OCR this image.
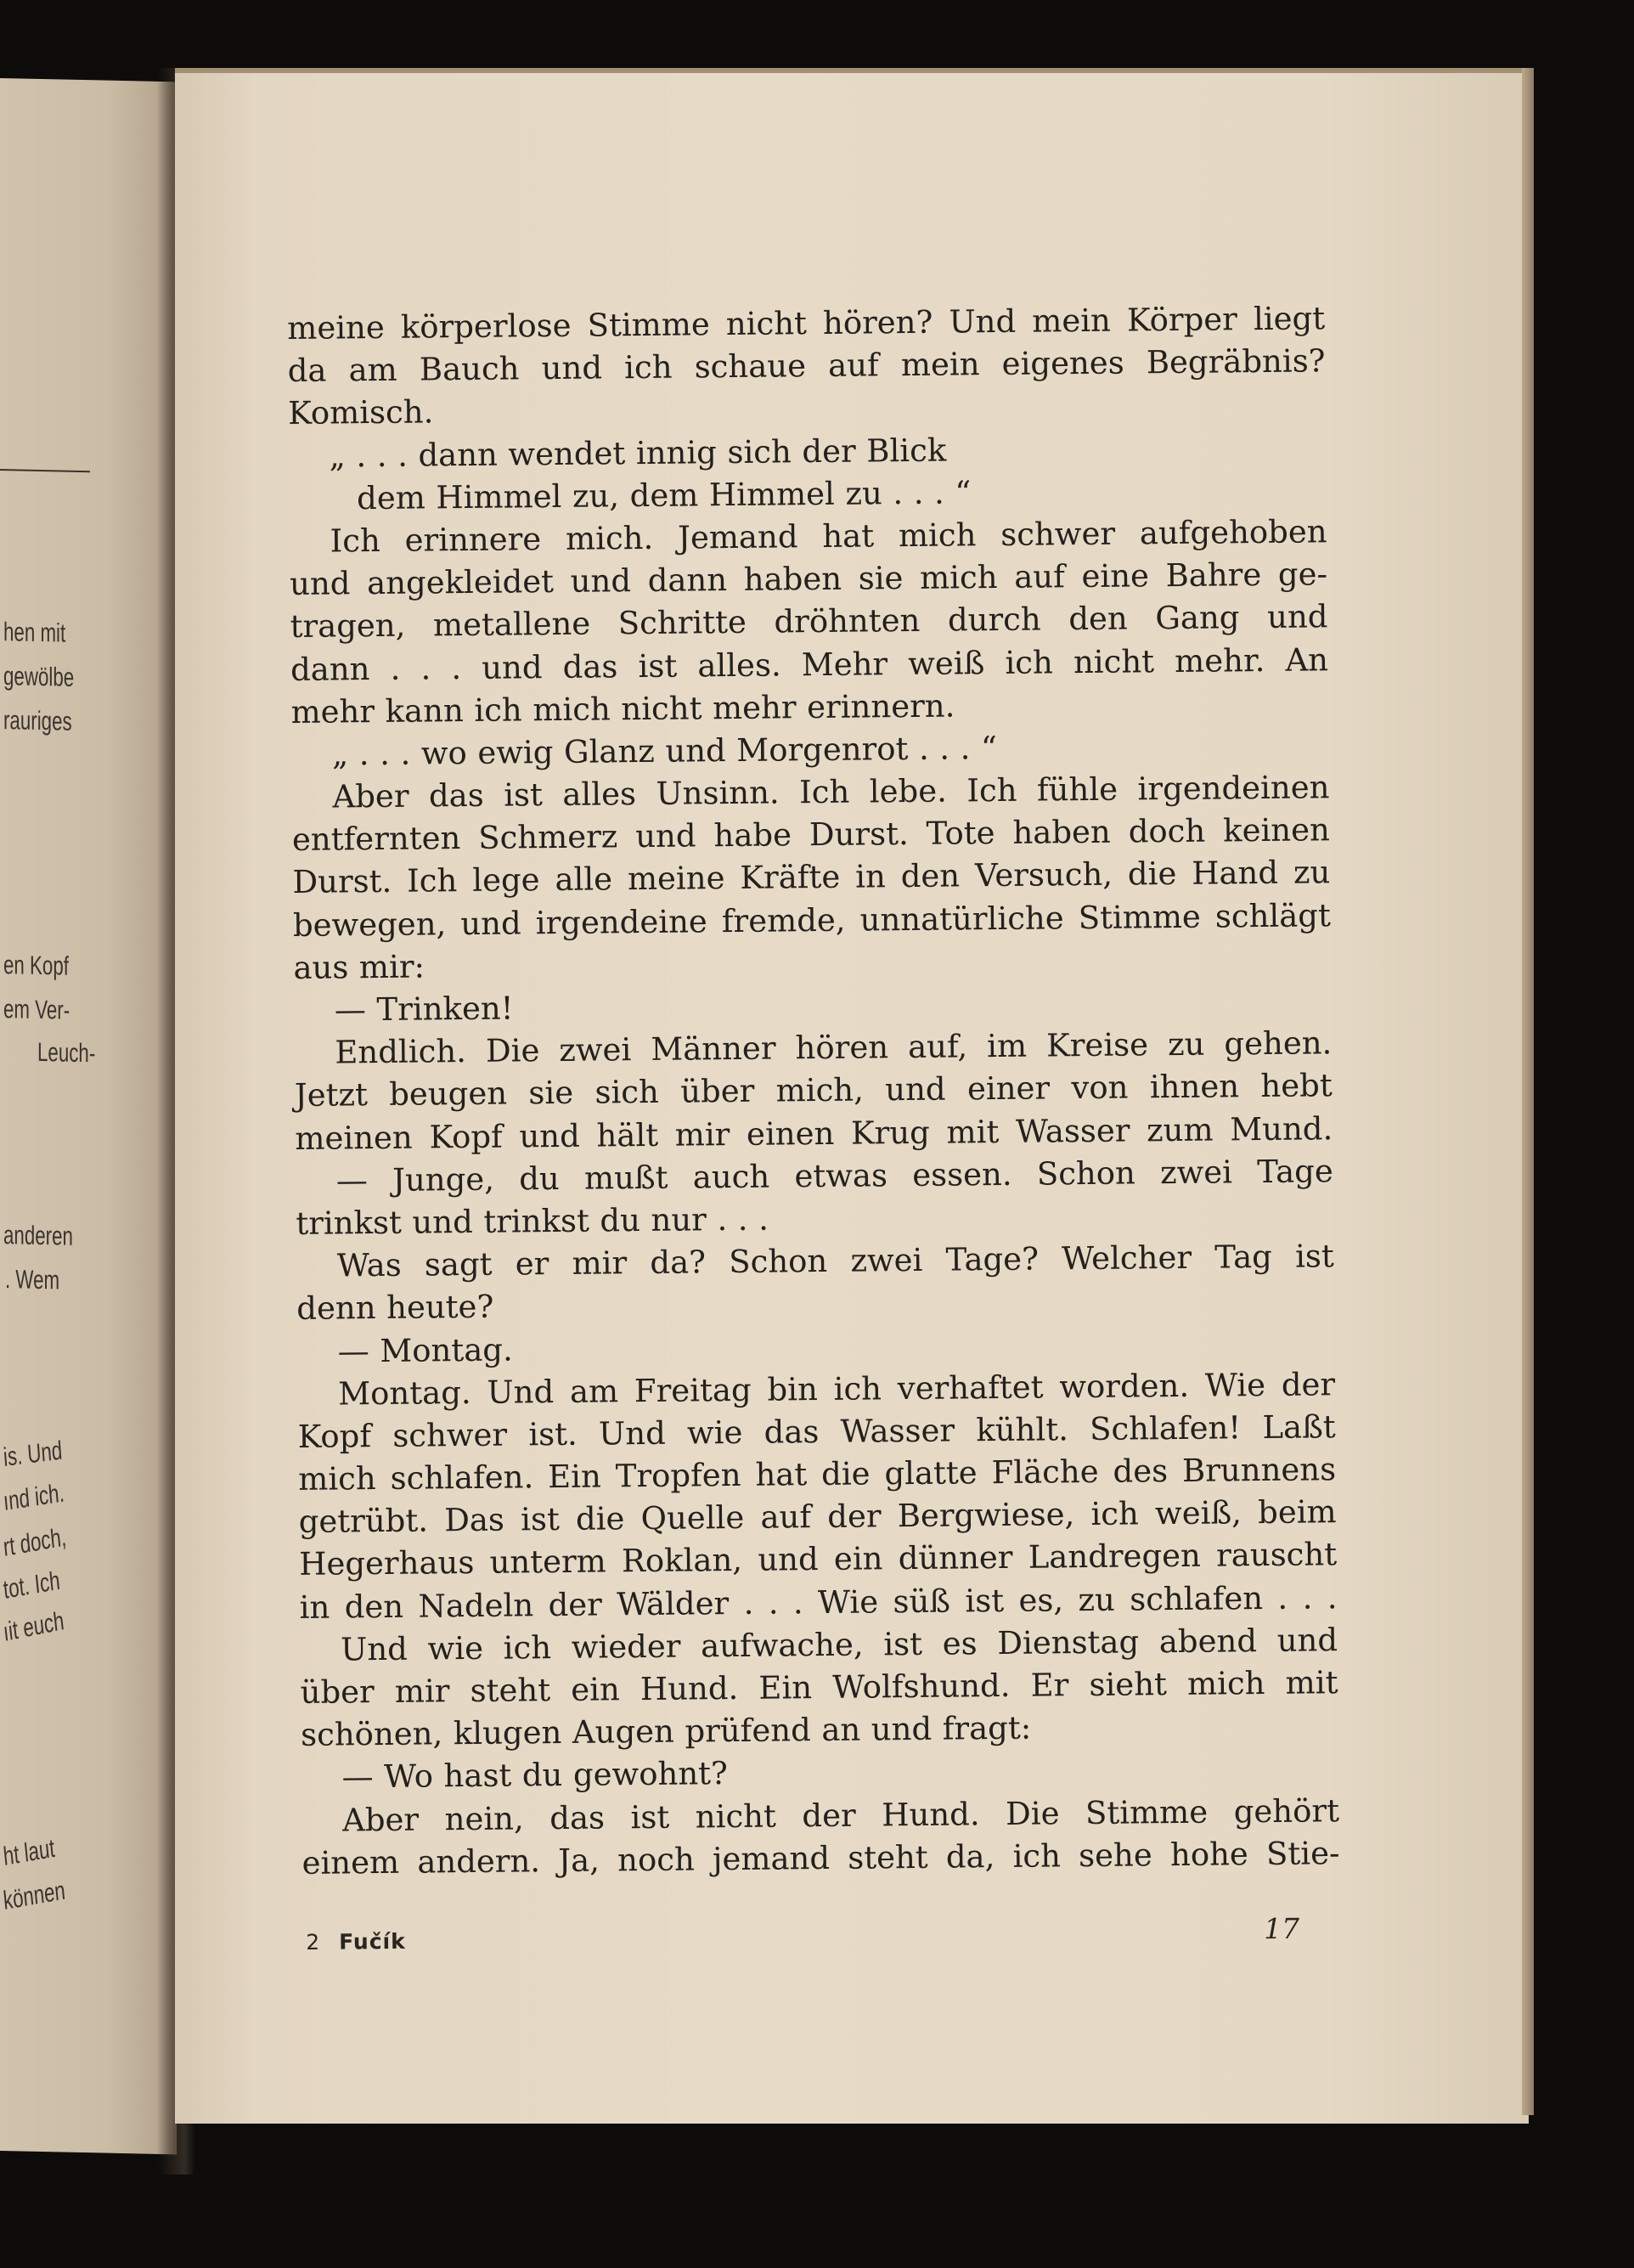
hen mit
gewölbe
rauriges
en Kopf
em Ver-
Leuch-
anderen
. Wem
is. Und
ınd ich.
rt doch,
tot. Ich
ıit euch
ht laut
können
meine körperlose Stimme nicht hören? Und mein Körper liegt
da am Bauch und ich schaue auf mein eigenes Begräbnis?
Komisch.
„ . . . dann wendet innig sich der Blick
dem Himmel zu, dem Himmel zu . . . “
Ich erinnere mich. Jemand hat mich schwer aufgehoben
und angekleidet und dann haben sie mich auf eine Bahre ge-
tragen, metallene Schritte dröhnten durch den Gang und
dann . . . und das ist alles. Mehr weiß ich nicht mehr. An
mehr kann ich mich nicht mehr erinnern.
„ . . . wo ewig Glanz und Morgenrot . . . “
Aber das ist alles Unsinn. Ich lebe. Ich fühle irgendeinen
entfernten Schmerz und habe Durst. Tote haben doch keinen
Durst. Ich lege alle meine Kräfte in den Versuch, die Hand zu
bewegen, und irgendeine fremde, unnatürliche Stimme schlägt
aus mir:
— Trinken!
Endlich. Die zwei Männer hören auf, im Kreise zu gehen.
Jetzt beugen sie sich über mich, und einer von ihnen hebt
meinen Kopf und hält mir einen Krug mit Wasser zum Mund.
— Junge, du mußt auch etwas essen. Schon zwei Tage
trinkst und trinkst du nur . . .
Was sagt er mir da? Schon zwei Tage? Welcher Tag ist
denn heute?
— Montag.
Montag. Und am Freitag bin ich verhaftet worden. Wie der
Kopf schwer ist. Und wie das Wasser kühlt. Schlafen! Laßt
mich schlafen. Ein Tropfen hat die glatte Fläche des Brunnens
getrübt. Das ist die Quelle auf der Bergwiese, ich weiß, beim
Hegerhaus unterm Roklan, und ein dünner Landregen rauscht
in den Nadeln der Wälder . . . Wie süß ist es, zu schlafen . . .
Und wie ich wieder aufwache, ist es Dienstag abend und
über mir steht ein Hund. Ein Wolfshund. Er sieht mich mit
schönen, klugen Augen prüfend an und fragt:
— Wo hast du gewohnt?
Aber nein, das ist nicht der Hund. Die Stimme gehört
einem andern. Ja, noch jemand steht da, ich sehe hohe Stie-
2 Fučík	17
